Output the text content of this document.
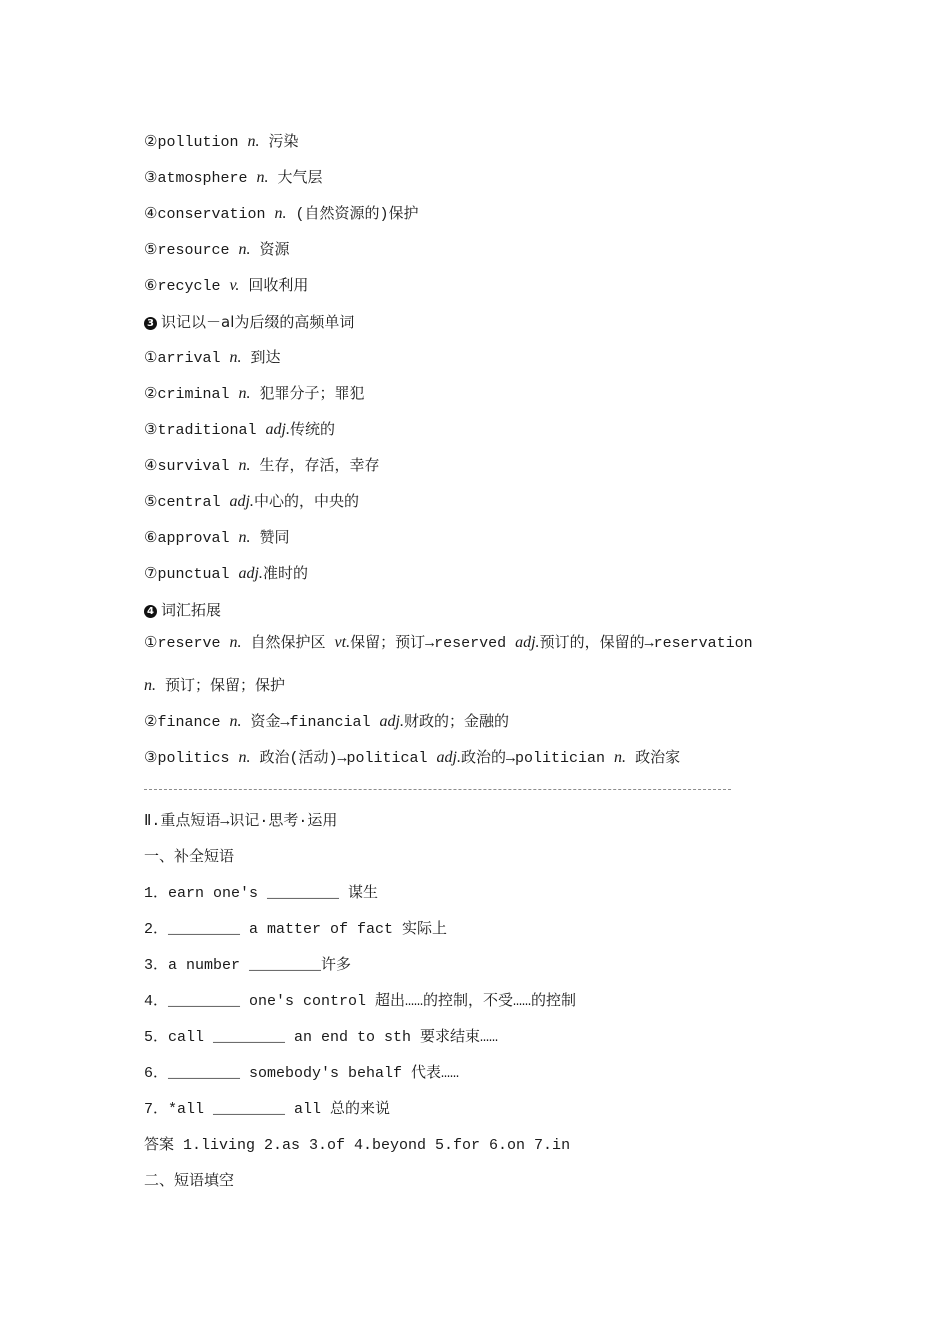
②pollution n. 污染
③atmosphere n. 大气层
④conservation n. (自然资源的)保护
⑤resource n. 资源
⑥recycle v. 回收利用
3 识记以－al为后缀的高频单词
①arrival n. 到达
②criminal n. 犯罪分子；罪犯
③traditional adj.传统的
④survival n. 生存，存活，幸存
⑤central adj.中心的，中央的
⑥approval n. 赞同
⑦punctual adj.准时的
4 词汇拓展
①reserve n. 自然保护区 vt.保留；预订→reserved adj.预订的，保留的→reservation
n. 预订；保留；保护
②finance n. 资金→financial adj.财政的；金融的
③politics n. 政治(活动)→political adj.政治的→politician n. 政治家
Ⅱ.重点短语→识记·思考·运用
一、补全短语
1．earn one's ________ 谋生
2．________ a matter of fact 实际上
3．a number ________许多
4．________ one's control 超出……的控制，不受……的控制
5．call ________ an end to sth 要求结束……
6．________ somebody's behalf 代表……
7．*all ________ all 总的来说
答案 1.living 2.as 3.of 4.beyond 5.for 6.on 7.in
二、短语填空
